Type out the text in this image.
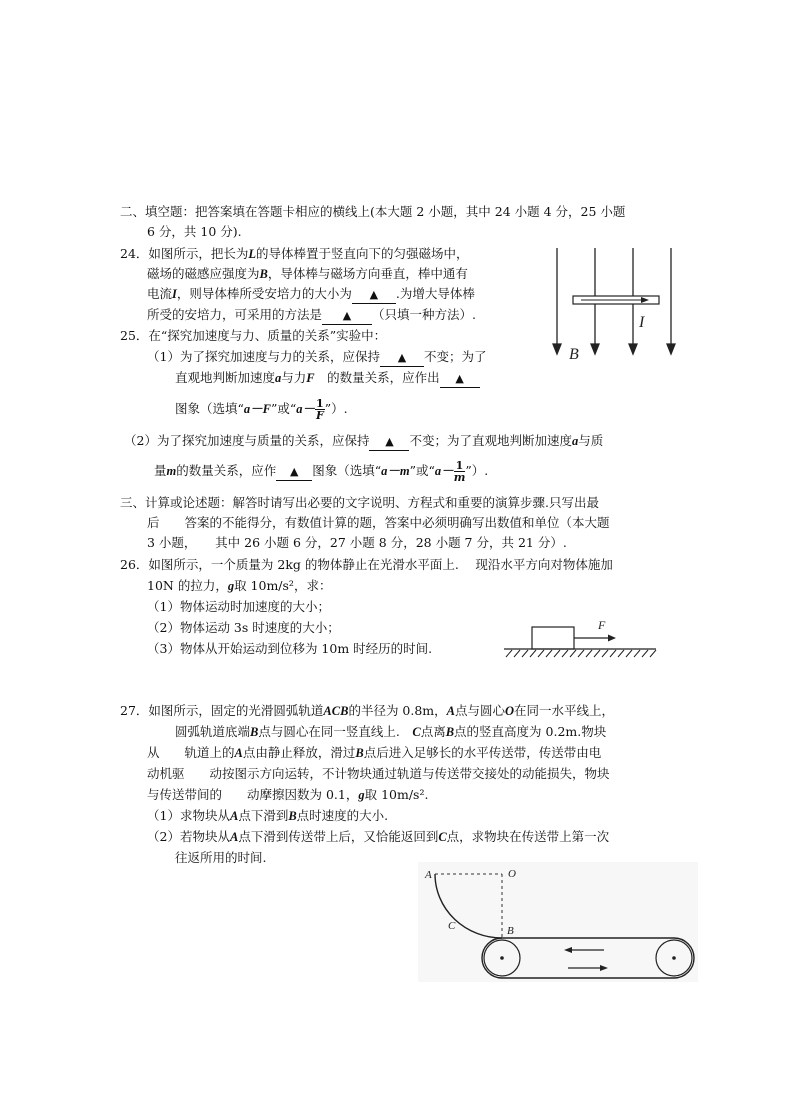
二、填空题：把答案填在答题卡相应的横线上(本大题 2 小题，其中 24 小题 4 分，25 小题
6 分，共 10 分).
24．如图所示，把长为L的导体棒置于竖直向下的匀强磁场中，
磁场的磁感应强度为B，导体棒与磁场方向垂直，棒中通有
电流I，则导体棒所受安培力的大小为 ▲ .为增大导体棒
所受的安培力，可采用的方法是 ▲ （只填一种方法）.	I
B
25．在“探究加速度与力、质量的关系”实验中：
（1）为了探究加速度与力的关系，应保持 ▲ 不变；为了
直观地判断加速度a与力F　 的数量关系，应作出 ▲
图象（选填“a－F”或“$a- \frac{1}{F}$ ”）.
（2）为了探究加速度与质量的关系，应保持 ▲ 不变；为了直观地判断加速度a与质
量m的数量关系，应作 ▲ 图象（选填“a－m”或“$a- \frac{1}{m}$ ”）.
三、计算或论述题：解答时请写出必要的文字说明、方程式和重要的演算步骤.只写出最
后　　答案的不能得分，有数值计算的题，答案中必须明确写出数值和单位（本大题
3 小题，　　其中 26 小题 6 分，27 小题 8 分，28 小题 7 分，共 21 分）.
26．如图所示，一个质量为 2kg 的物体静止在光滑水平面上.　 现沿水平方向对物体施加
10N 的拉力，g取 10m/s²，求：
（1）物体运动时加速度的大小；
（2）物体运动 3s 时速度的大小；
（3）物体从开始运动到位移为 10m 时经历的时间.
F
27．如图所示，固定的光滑圆弧轨道ACB的半径为 0.8m，A点与圆心O在同一水平线上，
圆弧轨道底端B点与圆心在同一竖直线上.　C点离B点的竖直高度为 0.2m.物块
从　　轨道上的A点由静止释放，滑过B点后进入足够长的水平传送带，传送带由电
动机驱　　动按图示方向运转，不计物块通过轨道与传送带交接处的动能损失，物块
与传送带间的　　动摩擦因数为 0.1，g取 10m/s².
（1）求物块从A点下滑到B点时速度的大小.
（2）若物块从A点下滑到传送带上后，又恰能返回到C点，求物块在传送带上第一次
往返所用的时间.
A	O
C	B
